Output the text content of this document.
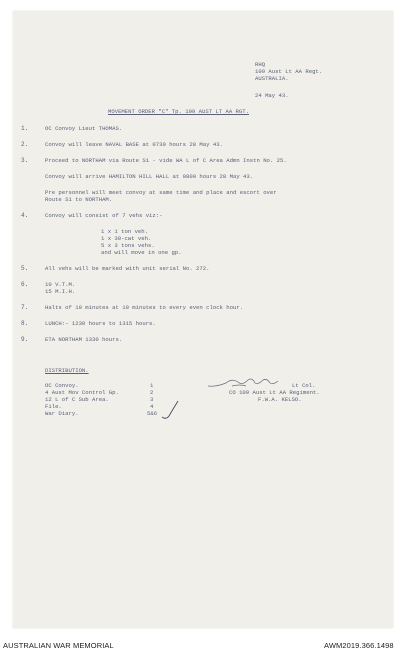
RHQ
109 Aust Lt AA Regt.
AUSTRALIA.
24 May 43.
MOVEMENT ORDER "C" Tp. 109 AUST LT AA RGT.
1.	OC Convoy Lieut THOMAS.
2.	Convoy will leave NAVAL BASE at 0730 hours 28 May 43.
3.	Proceed to NORTHAM via Route S1 - vide WA L of C Area Admn Instn No. 25.
Convoy will arrive HAMILTON HILL HALL at 0800 hours 28 May 43.
Pre personnel will meet convoy at same time and place and escort over
Route S1 to NORTHAM.
4.	Convoy will consist of 7 vehs viz:-
1 x 1 ton veh.
1 x 30-cwt veh.
5 x 3 tons vehs.
and will move in one gp.
5.	All vehs will be marked with unit serial No. 272.
6.	10 V.T.M.
15 M.I.H.
7.	Halts of 10 minutes at 10 minutes to every even clock hour.
8.	LUNCH:- 1230 hours to 1315 hours.
9.	ETA NORTHAM 1330 hours.
DISTRIBUTION.
OC Convoy.	1
4 Aust Mov Control Gp.	2
12 L of C Sub Area.	3
File.	4
War Diary.	5&6
Lt Col.
CO 109 Aust Lt AA Regiment.
F.W.A. KELSO.
AUSTRALIAN WAR MEMORIAL	AWM2019.366.1498
